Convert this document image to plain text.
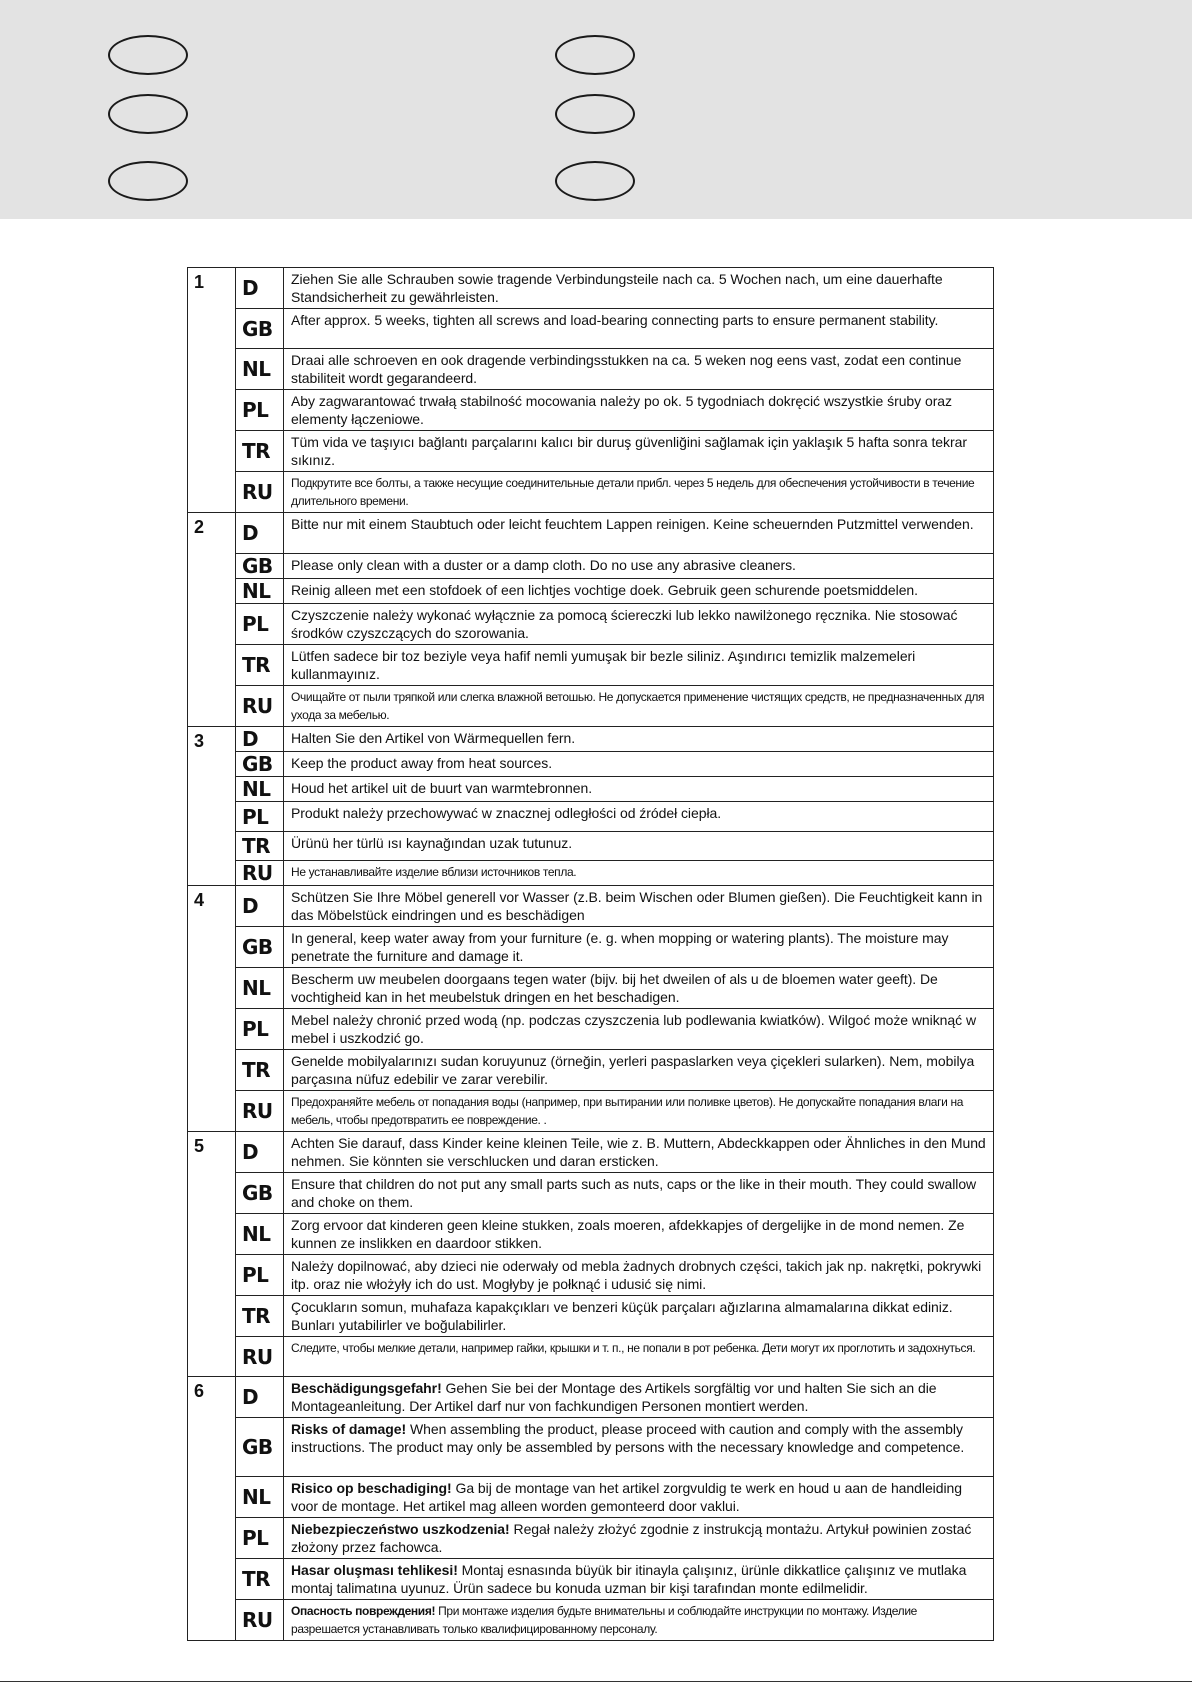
1	D	Ziehen Sie alle Schrauben sowie tragende Verbindungsteile nach ca. 5 Wochen nach, um eine dauerhafte Standsicherheit zu gewährleisten.
	GB	After approx. 5 weeks, tighten all screws and load-bearing connecting parts to ensure permanent stability.
	NL	Draai alle schroeven en ook dragende verbindingsstukken na ca. 5 weken nog eens vast, zodat een continue stabiliteit wordt gegarandeerd.
	PL	Aby zagwarantować trwałą stabilność mocowania należy po ok. 5 tygodniach dokręcić wszystkie śruby oraz elementy łączeniowe.
	TR	Tüm vida ve taşıyıcı bağlantı parçalarını kalıcı bir duruş güvenliğini sağlamak için yaklaşık 5 hafta sonra tekrar sıkınız.
	RU	Подкрутите все болты, а также несущие соединительные детали прибл. через 5 недель для обеспечения устойчивости в течение длительного времени.
2	D	Bitte nur mit einem Staubtuch oder leicht feuchtem Lappen reinigen. Keine scheuernden Putzmittel verwenden.
	GB	Please only clean with a duster or a damp cloth. Do no use any abrasive cleaners.
	NL	Reinig alleen met een stofdoek of een lichtjes vochtige doek. Gebruik geen schurende poetsmiddelen.
	PL	Czyszczenie należy wykonać wyłącznie za pomocą ściereczki lub lekko nawilżonego ręcznika. Nie stosować środków czyszczących do szorowania.
	TR	Lütfen sadece bir toz beziyle veya hafif nemli yumuşak bir bezle siliniz. Aşındırıcı temizlik malzemeleri kullanmayınız.
	RU	Очищайте от пыли тряпкой или слегка влажной ветошью. Не допускается применение чистящих средств, не предназначенных для ухода за мебелью.
3	D	Halten Sie den Artikel von Wärmequellen fern.
	GB	Keep the product away from heat sources.
	NL	Houd het artikel uit de buurt van warmtebronnen.
	PL	Produkt należy przechowywać w znacznej odległości od źródeł ciepła.
	TR	Ürünü her türlü ısı kaynağından uzak tutunuz.
	RU	Не устанавливайте изделие вблизи источников тепла.
4	D	Schützen Sie Ihre Möbel generell vor Wasser (z.B. beim Wischen oder Blumen gießen). Die Feuchtigkeit kann in das Möbelstück eindringen und es beschädigen
	GB	In general, keep water away from your furniture (e. g. when mopping or watering plants). The moisture may penetrate the furniture and damage it.
	NL	Bescherm uw meubelen doorgaans tegen water (bijv. bij het dweilen of als u de bloemen water geeft). De vochtigheid kan in het meubelstuk dringen en het beschadigen.
	PL	Mebel należy chronić przed wodą (np. podczas czyszczenia lub podlewania kwiatków). Wilgoć może wniknąć w mebel i uszkodzić go.
	TR	Genelde mobilyalarınızı sudan koruyunuz (örneğin, yerleri paspaslarken veya çiçekleri sularken). Nem, mobilya parçasına nüfuz edebilir ve zarar verebilir.
	RU	Предохраняйте мебель от попадания воды (например, при вытирании или поливке цветов). Не допускайте попадания влаги на мебель, чтобы предотвратить ее повреждение. .
5	D	Achten Sie darauf, dass Kinder keine kleinen Teile, wie z. B. Muttern, Abdeckkappen oder Ähnliches in den Mund nehmen. Sie könnten sie verschlucken und daran ersticken.
	GB	Ensure that children do not put any small parts such as nuts, caps or the like in their mouth. They could swallow and choke on them.
	NL	Zorg ervoor dat kinderen geen kleine stukken, zoals moeren, afdekkapjes of dergelijke in de mond nemen. Ze kunnen ze inslikken en daardoor stikken.
	PL	Należy dopilnować, aby dzieci nie oderwały od mebla żadnych drobnych części, takich jak np. nakrętki, pokrywki itp. oraz nie włożyły ich do ust. Mogłyby je połknąć i udusić się nimi.
	TR	Çocukların somun, muhafaza kapakçıkları ve benzeri küçük parçaları ağızlarına almamalarına dikkat ediniz. Bunları yutabilirler ve boğulabilirler.
	RU	Следите, чтобы мелкие детали, например гайки, крышки и т. п., не попали в рот ребенка. Дети могут их проглотить и задохнуться.
6	D	Beschädigungsgefahr! Gehen Sie bei der Montage des Artikels sorgfältig vor und halten Sie sich an die Montageanleitung. Der Artikel darf nur von fachkundigen Personen montiert werden.
	GB	Risks of damage! When assembling the product, please proceed with caution and comply with the assembly instructions. The product may only be assembled by persons with the necessary knowledge and competence.
	NL	Risico op beschadiging! Ga bij de montage van het artikel zorgvuldig te werk en houd u aan de handleiding voor de montage. Het artikel mag alleen worden gemonteerd door vaklui.
	PL	Niebezpieczeństwo uszkodzenia! Regał należy złożyć zgodnie z instrukcją montażu. Artykuł powinien zostać złożony przez fachowca.
	TR	Hasar oluşması tehlikesi! Montaj esnasında büyük bir itinayla çalışınız, ürünle dikkatlice çalışınız ve mutlaka montaj talimatına uyunuz. Ürün sadece bu konuda uzman bir kişi tarafından monte edilmelidir.
	RU	Опасность повреждения! При монтаже изделия будьте внимательны и соблюдайте инструкции по монтажу. Изделие разрешается устанавливать только квалифицированному персоналу.
